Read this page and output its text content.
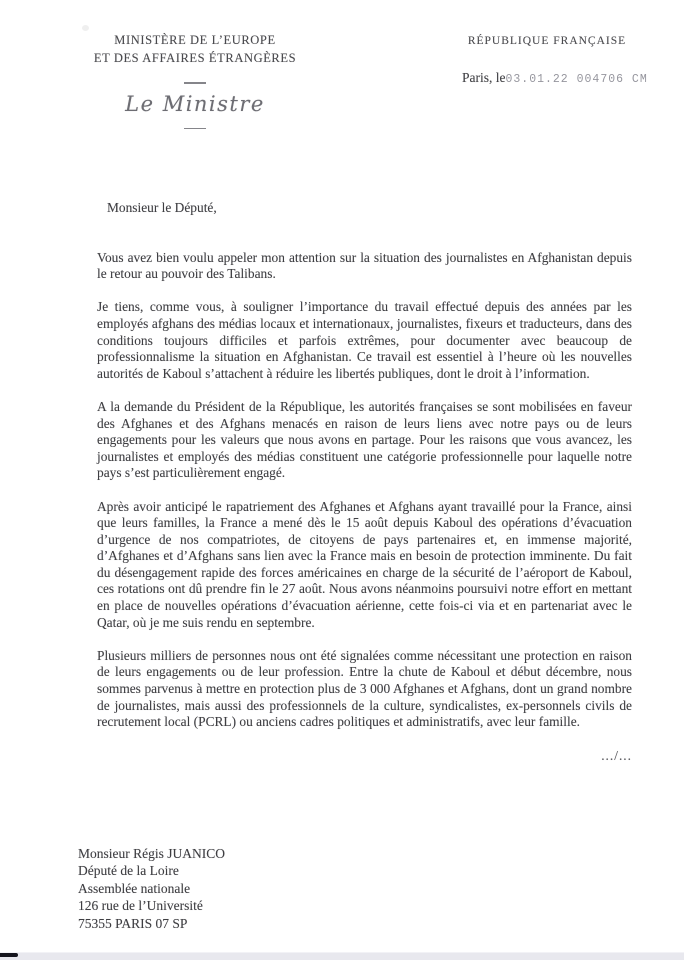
MINISTÈRE DE L’EUROPE
ET DES AFFAIRES ÉTRANGÈRES
Le Ministre
RÉPUBLIQUE FRANÇAISE
Paris, le03.01.22 004706 CM

Monsieur le Député,

Vous avez bien voulu appeler mon attention sur la situation des journalistes en Afghanistan depuis le retour au pouvoir des Talibans.

Je tiens, comme vous, à souligner l’importance du travail effectué depuis des années par les employés afghans des médias locaux et internationaux, journalistes, fixeurs et traducteurs, dans des conditions toujours difficiles et parfois extrêmes, pour documenter avec beaucoup de professionnalisme la situation en Afghanistan. Ce travail est essentiel à l’heure où les nouvelles autorités de Kaboul s’attachent à réduire les libertés publiques, dont le droit à l’information.

A la demande du Président de la République, les autorités françaises se sont mobilisées en faveur des Afghanes et des Afghans menacés en raison de leurs liens avec notre pays ou de leurs engagements pour les valeurs que nous avons en partage. Pour les raisons que vous avancez, les journalistes et employés des médias constituent une catégorie professionnelle pour laquelle notre pays s’est particulièrement engagé.

Après avoir anticipé le rapatriement des Afghanes et Afghans ayant travaillé pour la France, ainsi que leurs familles, la France a mené dès le 15 août depuis Kaboul des opérations d’évacuation d’urgence de nos compatriotes, de citoyens de pays partenaires et, en immense majorité, d’Afghanes et d’Afghans sans lien avec la France mais en besoin de protection imminente. Du fait du désengagement rapide des forces américaines en charge de la sécurité de l’aéroport de Kaboul, ces rotations ont dû prendre fin le 27 août. Nous avons néanmoins poursuivi notre effort en mettant en place de nouvelles opérations d’évacuation aérienne, cette fois-ci via et en partenariat avec le Qatar, où je me suis rendu en septembre.

Plusieurs milliers de personnes nous ont été signalées comme nécessitant une protection en raison de leurs engagements ou de leur profession. Entre la chute de Kaboul et début décembre, nous sommes parvenus à mettre en protection plus de 3 000 Afghanes et Afghans, dont un grand nombre de journalistes, mais aussi des professionnels de la culture, syndicalistes, ex-personnels civils de recrutement local (PCRL) ou anciens cadres politiques et administratifs, avec leur famille.

.../...
Monsieur Régis JUANICO
Député de la Loire
Assemblée nationale
126 rue de l’Université
75355 PARIS 07 SP
